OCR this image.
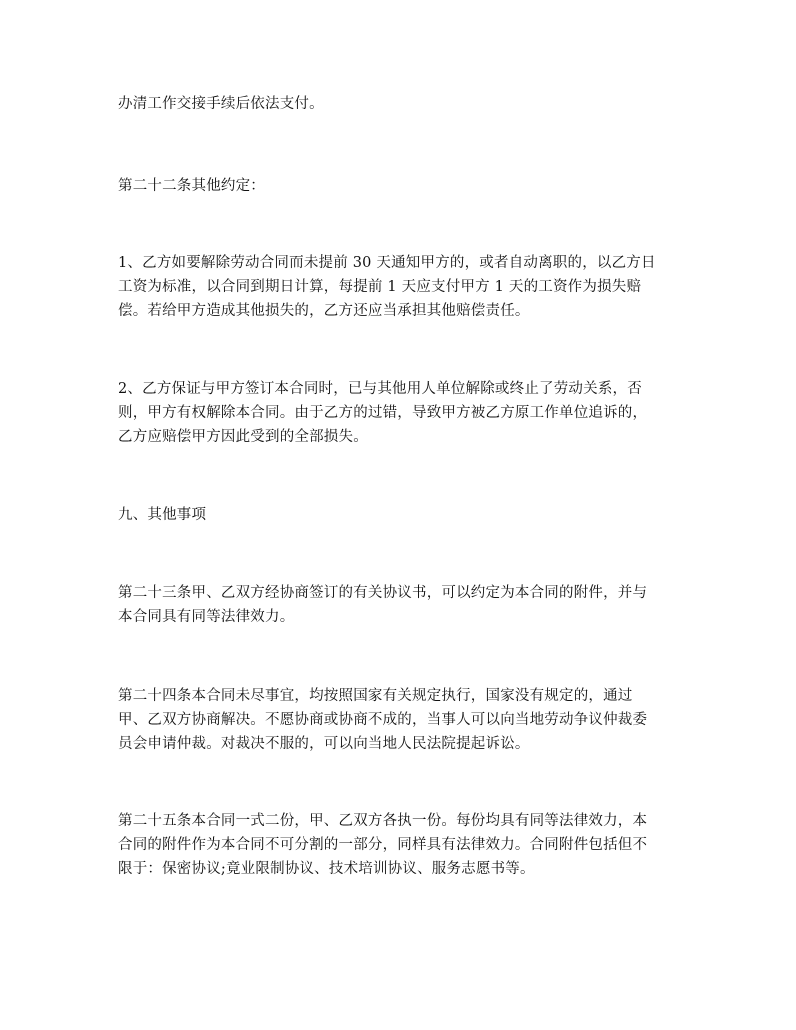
办清工作交接手续后依法支付。

第二十二条其他约定：

1、乙方如要解除劳动合同而未提前 30 天通知甲方的，或者自动离职的，以乙方日
工资为标准，以合同到期日计算，每提前 1 天应支付甲方 1 天的工资作为损失赔
偿。若给甲方造成其他损失的，乙方还应当承担其他赔偿责任。

2、乙方保证与甲方签订本合同时，已与其他用人单位解除或终止了劳动关系，否
则，甲方有权解除本合同。由于乙方的过错，导致甲方被乙方原工作单位追诉的，
乙方应赔偿甲方因此受到的全部损失。

九、其他事项

第二十三条甲、乙双方经协商签订的有关协议书，可以约定为本合同的附件，并与
本合同具有同等法律效力。

第二十四条本合同未尽事宜，均按照国家有关规定执行，国家没有规定的，通过
甲、乙双方协商解决。不愿协商或协商不成的，当事人可以向当地劳动争议仲裁委
员会申请仲裁。对裁决不服的，可以向当地人民法院提起诉讼。

第二十五条本合同一式二份，甲、乙双方各执一份。每份均具有同等法律效力，本
合同的附件作为本合同不可分割的一部分，同样具有法律效力。合同附件包括但不
限于：保密协议;竟业限制协议、技术培训协议、服务志愿书等。
